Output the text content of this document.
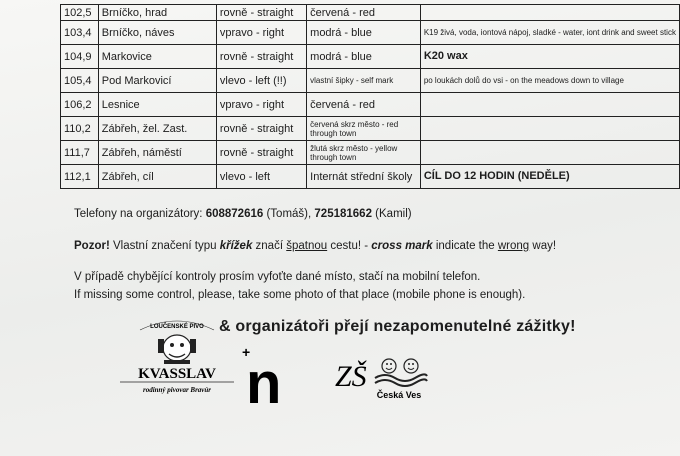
102,5	Brníčko, hrad	rovně - straight	červená - red	
103,4	Brníčko, náves	vpravo - right	modrá - blue	K19 živá, voda, iontová nápoj, sladké - water, iont drink and sweet stick
104,9	Markovice	rovně - straight	modrá - blue	K20 wax
105,4	Pod Markovicí	vlevo - left (!!)	vlastní šipky - self mark	po loukách dolů do vsi - on the meadows down to village
106,2	Lesnice	vpravo - right	červená - red	
110,2	Zábřeh, žel. Zast.	rovně - straight	červená skrz město - red through town	
111,7	Zábřeh, náměstí	rovně - straight	žlutá skrz město - yellow through town	
112,1	Zábřeh, cíl	vlevo - left	Internát střední školy	CÍL DO 12 HODIN (NEDĚLE)
Telefony na organizátory: 608872616 (Tomáš), 725181662 (Kamil)
Pozor! Vlastní značení typu křížek značí špatnou cestu! - cross mark indicate the wrong way!
V případě chybějící kontroly prosím vyfoťte dané místo, stačí na mobilní telefon.
If missing some control, please, take some photo of that place (mobile phone is enough).
& organizátoři přejí nezapomenutelné zážitky!
LOUČENSKÉ PIVO
KVASSLAV
rodinný pivovar Bravúr
+
n ZŠ
Česká Ves
